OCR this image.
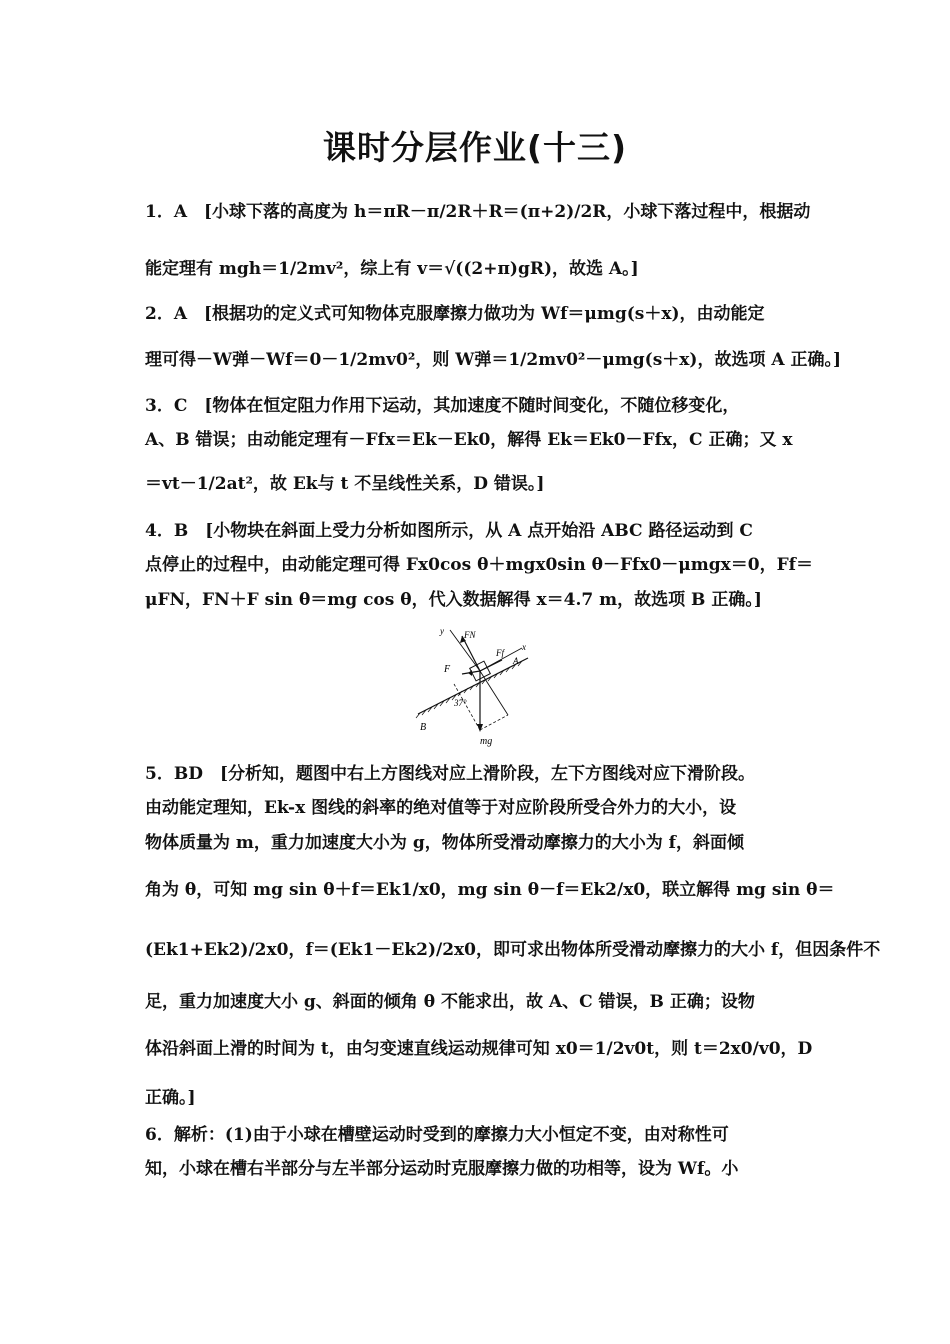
课时分层作业(十三)
1．A　[小球下落的高度为 h＝πR－π/2R＋R＝(π+2)/2R，小球下落过程中，根据动
能定理有 mgh＝1/2mv²，综上有 v＝√((2+π)gR)，故选 A。]
2．A　[根据功的定义式可知物体克服摩擦力做功为 Wf＝μmg(s＋x)，由动能定
理可得－W弹－Wf＝0－1/2mv0²，则 W弹＝1/2mv0²－μmg(s＋x)，故选项 A 正确。]
3．C　[物体在恒定阻力作用下运动，其加速度不随时间变化，不随位移变化，
A、B 错误；由动能定理有－Ffx＝Ek－Ek0，解得 Ek＝Ek0－Ffx，C 正确；又 x
＝vt－1/2at²，故 Ek与 t 不呈线性关系，D 错误。]
4．B　[小物块在斜面上受力分析如图所示，从 A 点开始沿 ABC 路径运动到 C
点停止的过程中，由动能定理可得 Fx0cos θ＋mgx0sin θ－Ffx0－μmgx＝0，Ff＝
μFN，FN＋F sin θ＝mg cos θ，代入数据解得 x＝4.7 m，故选项 B 正确。]
y FN
x
Ff
F
A
37°
B
mg
5．BD　[分析知，题图中右上方图线对应上滑阶段，左下方图线对应下滑阶段。
由动能定理知，Ek-x 图线的斜率的绝对值等于对应阶段所受合外力的大小，设
物体质量为 m，重力加速度大小为 g，物体所受滑动摩擦力的大小为 f，斜面倾
角为 θ，可知 mg sin θ＋f＝Ek1/x0，mg sin θ－f＝Ek2/x0，联立解得 mg sin θ＝
(Ek1+Ek2)/2x0，f＝(Ek1－Ek2)/2x0，即可求出物体所受滑动摩擦力的大小 f，但因条件不
足，重力加速度大小 g、斜面的倾角 θ 不能求出，故 A、C 错误，B 正确；设物
体沿斜面上滑的时间为 t，由匀变速直线运动规律可知 x0＝1/2v0t，则 t＝2x0/v0，D
正确。]
6．解析：(1)由于小球在槽壁运动时受到的摩擦力大小恒定不变，由对称性可
知，小球在槽右半部分与左半部分运动时克服摩擦力做的功相等，设为 Wf。小
